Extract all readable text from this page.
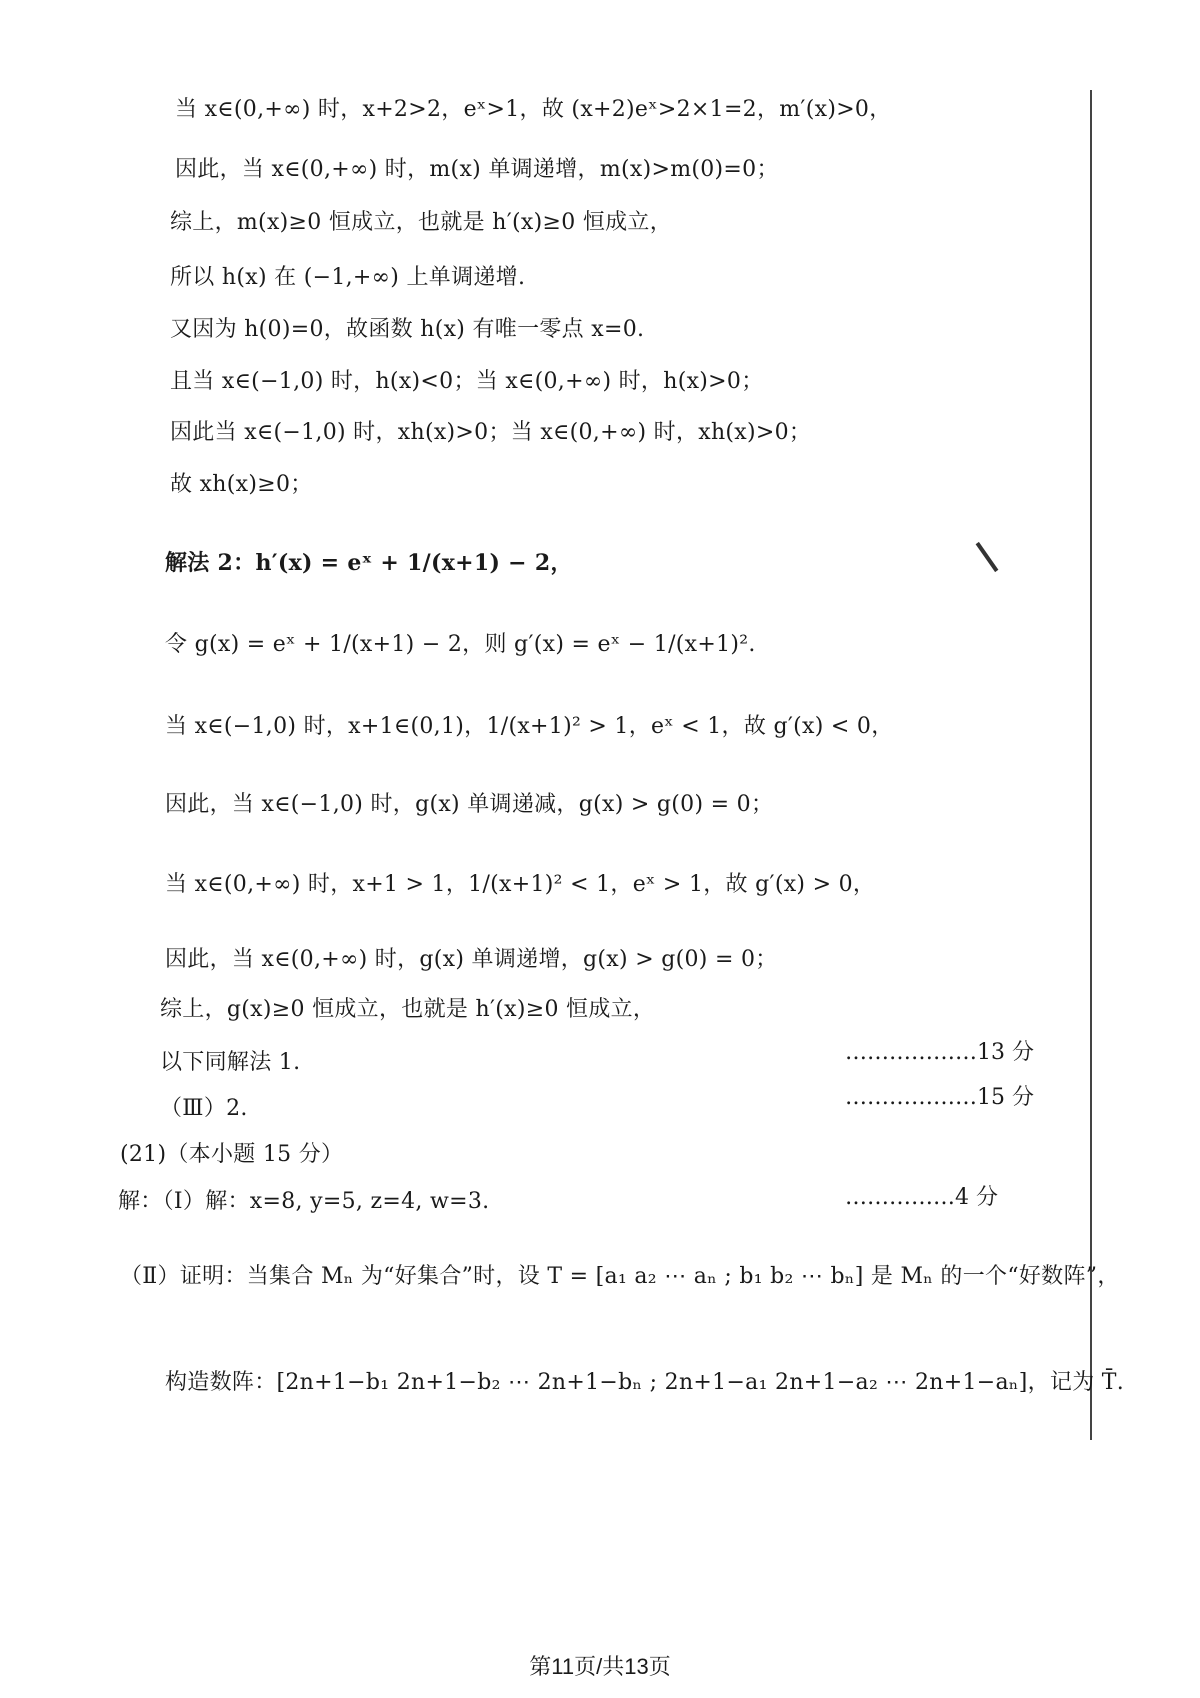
当 x∈(0,+∞) 时，x+2>2，eˣ>1，故 (x+2)eˣ>2×1=2，m′(x)>0，
因此，当 x∈(0,+∞) 时，m(x) 单调递增，m(x)>m(0)=0；
综上，m(x)≥0 恒成立，也就是 h′(x)≥0 恒成立，
所以 h(x) 在 (−1,+∞) 上单调递增.
又因为 h(0)=0，故函数 h(x) 有唯一零点 x=0.
且当 x∈(−1,0) 时，h(x)<0；当 x∈(0,+∞) 时，h(x)>0；
因此当 x∈(−1,0) 时，xh(x)>0；当 x∈(0,+∞) 时，xh(x)>0；
故 xh(x)≥0；
解法 2：h′(x) = eˣ + 1/(x+1) − 2，
令 g(x) = eˣ + 1/(x+1) − 2，则 g′(x) = eˣ − 1/(x+1)².
当 x∈(−1,0) 时，x+1∈(0,1)，1/(x+1)² > 1，eˣ < 1，故 g′(x) < 0，
因此，当 x∈(−1,0) 时，g(x) 单调递减，g(x) > g(0) = 0；
当 x∈(0,+∞) 时，x+1 > 1，1/(x+1)² < 1，eˣ > 1，故 g′(x) > 0，
因此，当 x∈(0,+∞) 时，g(x) 单调递增，g(x) > g(0) = 0；
综上，g(x)≥0 恒成立，也就是 h′(x)≥0 恒成立，
以下同解法 1.
（Ⅲ）2.
(21)（本小题 15 分）
解：（Ⅰ）解：x=8, y=5, z=4, w=3.
（Ⅱ）证明：当集合 Mₙ 为“好集合”时，设 T = [a₁ a₂ ⋯ aₙ ; b₁ b₂ ⋯ bₙ] 是 Mₙ 的一个“好数阵”，
构造数阵：[2n+1−b₁ 2n+1−b₂ ⋯ 2n+1−bₙ ; 2n+1−a₁ 2n+1−a₂ ⋯ 2n+1−aₙ]，记为 T̄.
………………13 分
………………15 分
……………4 分
第11页/共13页
